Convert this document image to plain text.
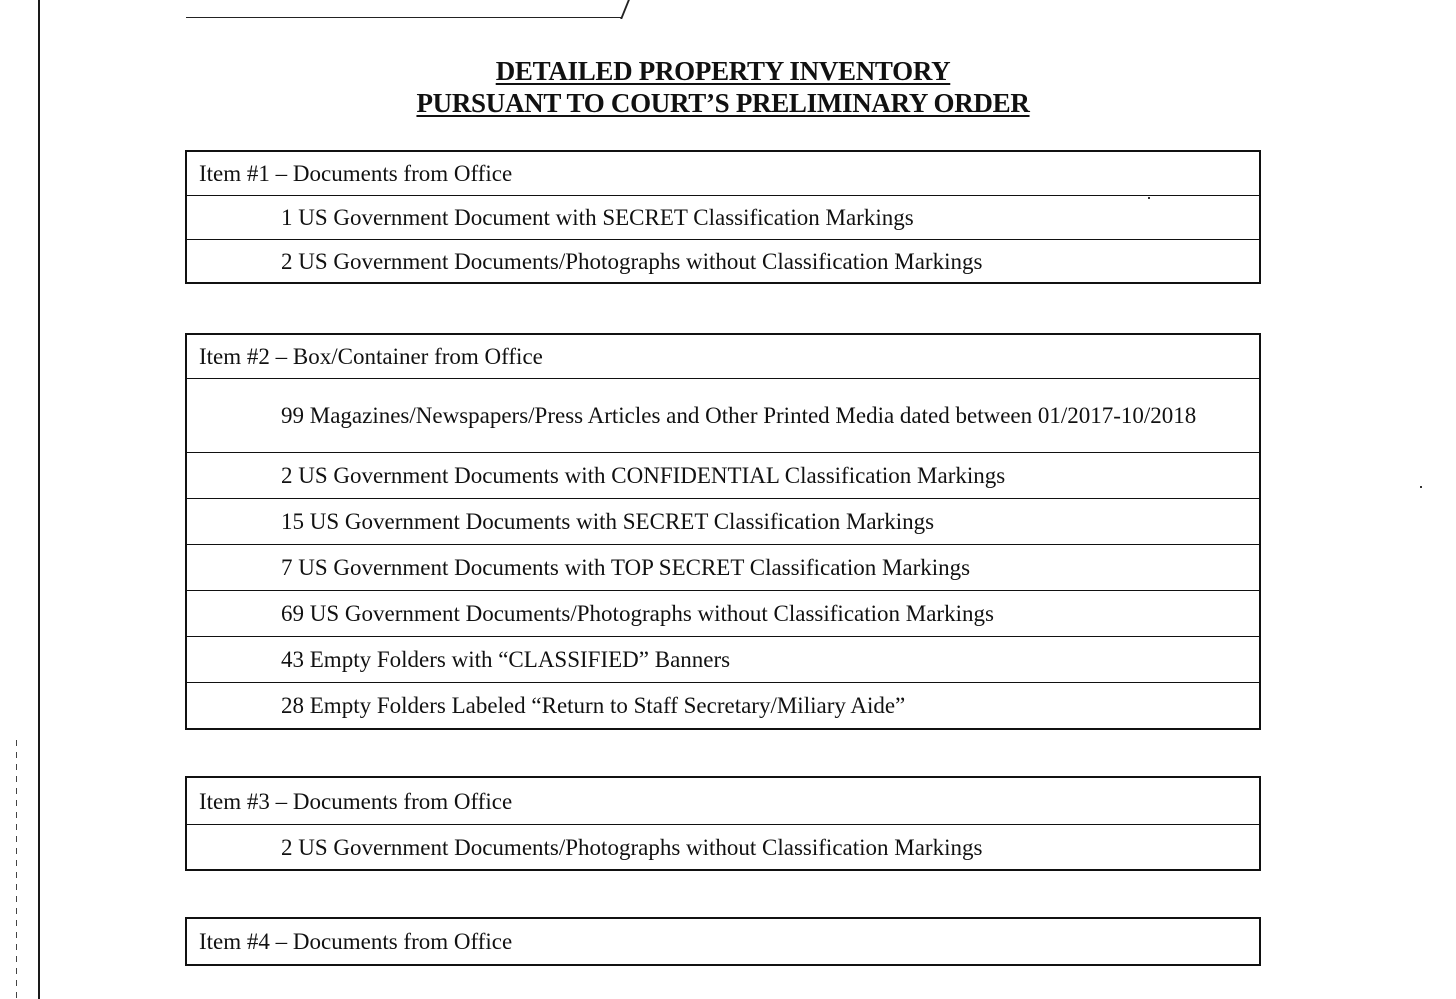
DETAILED PROPERTY INVENTORY
PURSUANT TO COURT’S PRELIMINARY ORDER
Item #1 – Documents from Office
1 US Government Document with SECRET Classification Markings
2 US Government Documents/Photographs without Classification Markings
Item #2 – Box/Container from Office
99 Magazines/Newspapers/Press Articles and Other Printed Media dated between 01/2017-10/2018
2 US Government Documents with CONFIDENTIAL Classification Markings
15 US Government Documents with SECRET Classification Markings
7 US Government Documents with TOP SECRET Classification Markings
69 US Government Documents/Photographs without Classification Markings
43 Empty Folders with “CLASSIFIED” Banners
28 Empty Folders Labeled “Return to Staff Secretary/Miliary Aide”
Item #3 – Documents from Office
2 US Government Documents/Photographs without Classification Markings
Item #4 – Documents from Office
